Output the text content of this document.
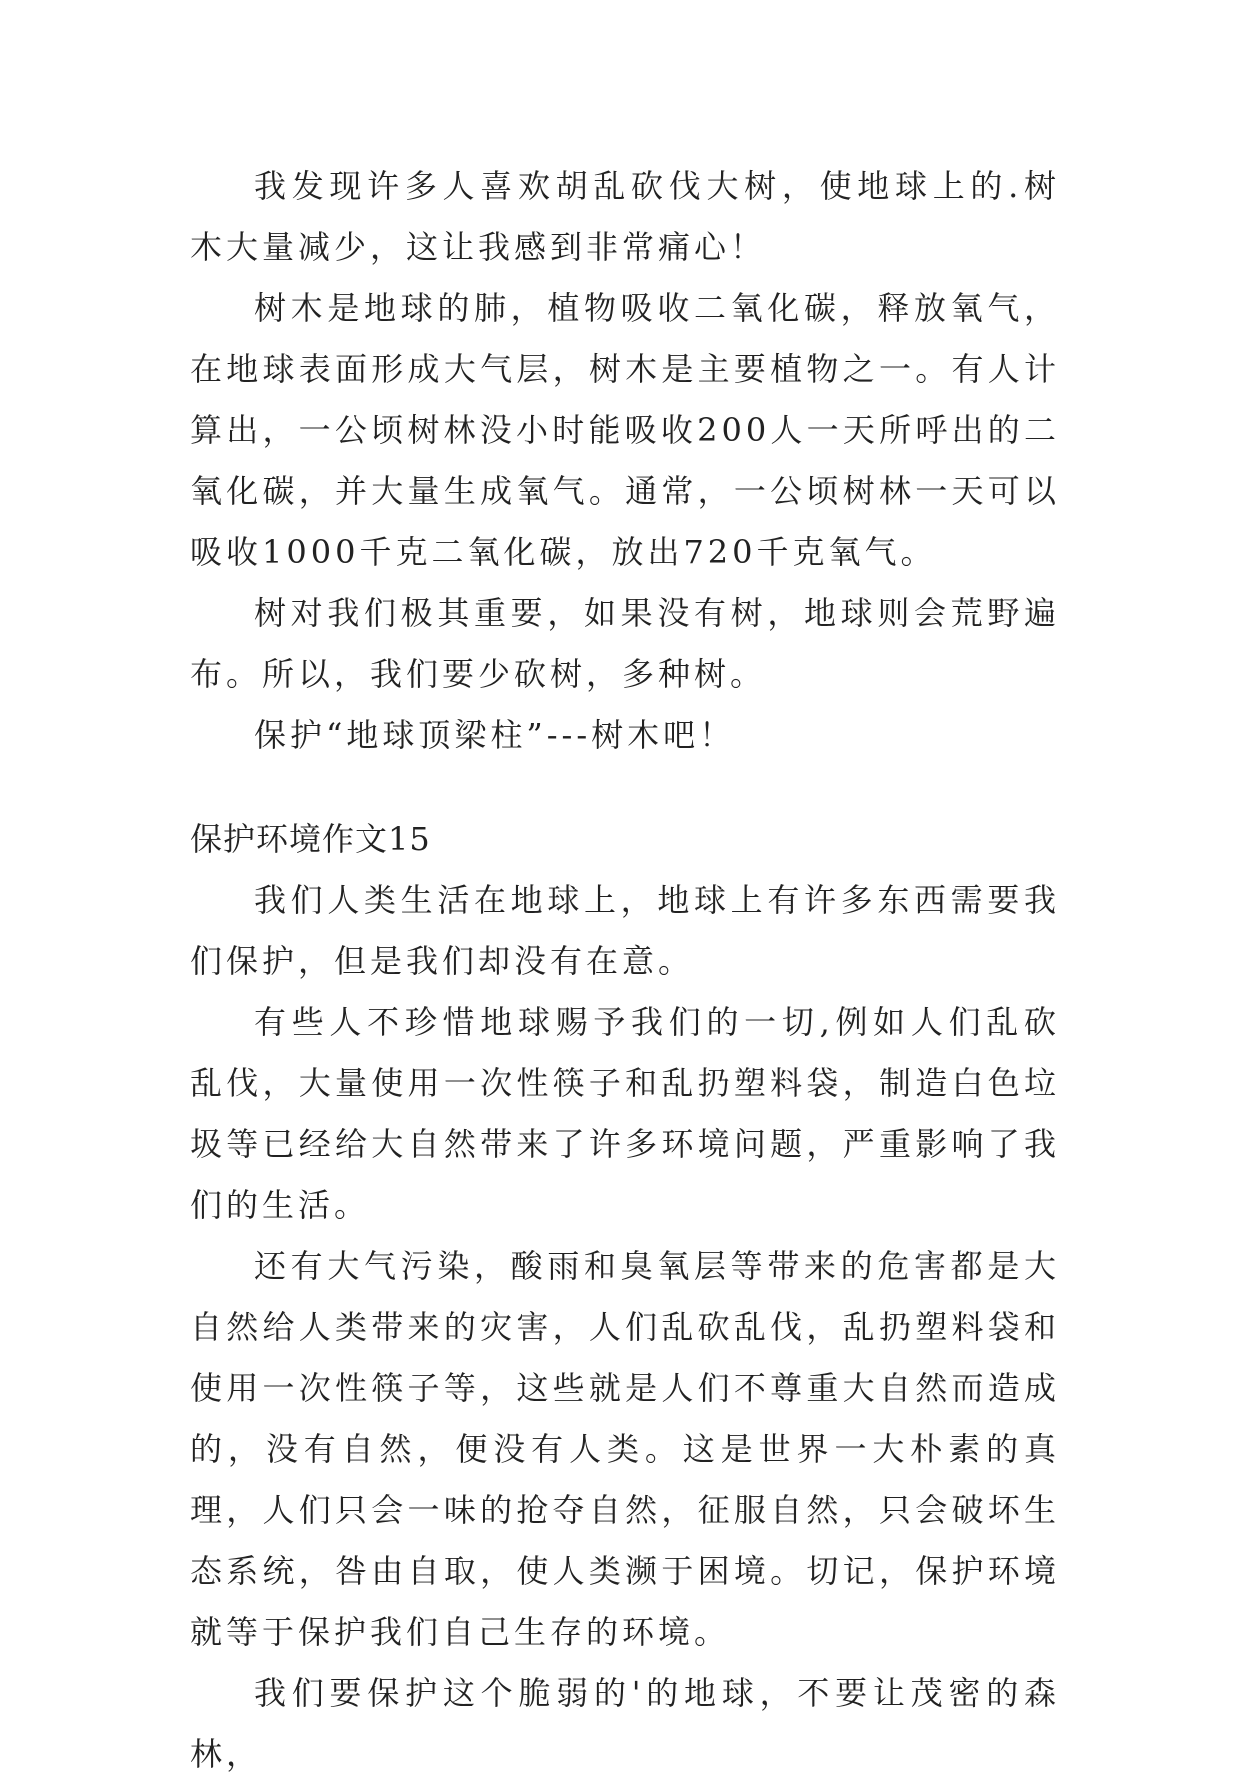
我发现许多人喜欢胡乱砍伐大树，使地球上的.树木大量减少，这让我感到非常痛心！

树木是地球的肺，植物吸收二氧化碳，释放氧气，在地球表面形成大气层，树木是主要植物之一。有人计算出，一公顷树林没小时能吸收200人一天所呼出的二氧化碳，并大量生成氧气。通常，一公顷树林一天可以吸收1000千克二氧化碳，放出720千克氧气。

树对我们极其重要，如果没有树，地球则会荒野遍布。所以，我们要少砍树，多种树。

保护“地球顶梁柱”---树木吧！

保护环境作文15

我们人类生活在地球上，地球上有许多东西需要我们保护，但是我们却没有在意。

有些人不珍惜地球赐予我们的一切,例如人们乱砍乱伐，大量使用一次性筷子和乱扔塑料袋，制造白色垃圾等已经给大自然带来了许多环境问题，严重影响了我们的生活。

还有大气污染，酸雨和臭氧层等带来的危害都是大自然给人类带来的灾害，人们乱砍乱伐，乱扔塑料袋和使用一次性筷子等，这些就是人们不尊重大自然而造成的，没有自然，便没有人类。这是世界一大朴素的真理，人们只会一味的抢夺自然，征服自然，只会破坏生态系统，咎由自取，使人类濒于困境。切记，保护环境就等于保护我们自己生存的环境。

我们要保护这个脆弱的'的地球，不要让茂密的森林，
